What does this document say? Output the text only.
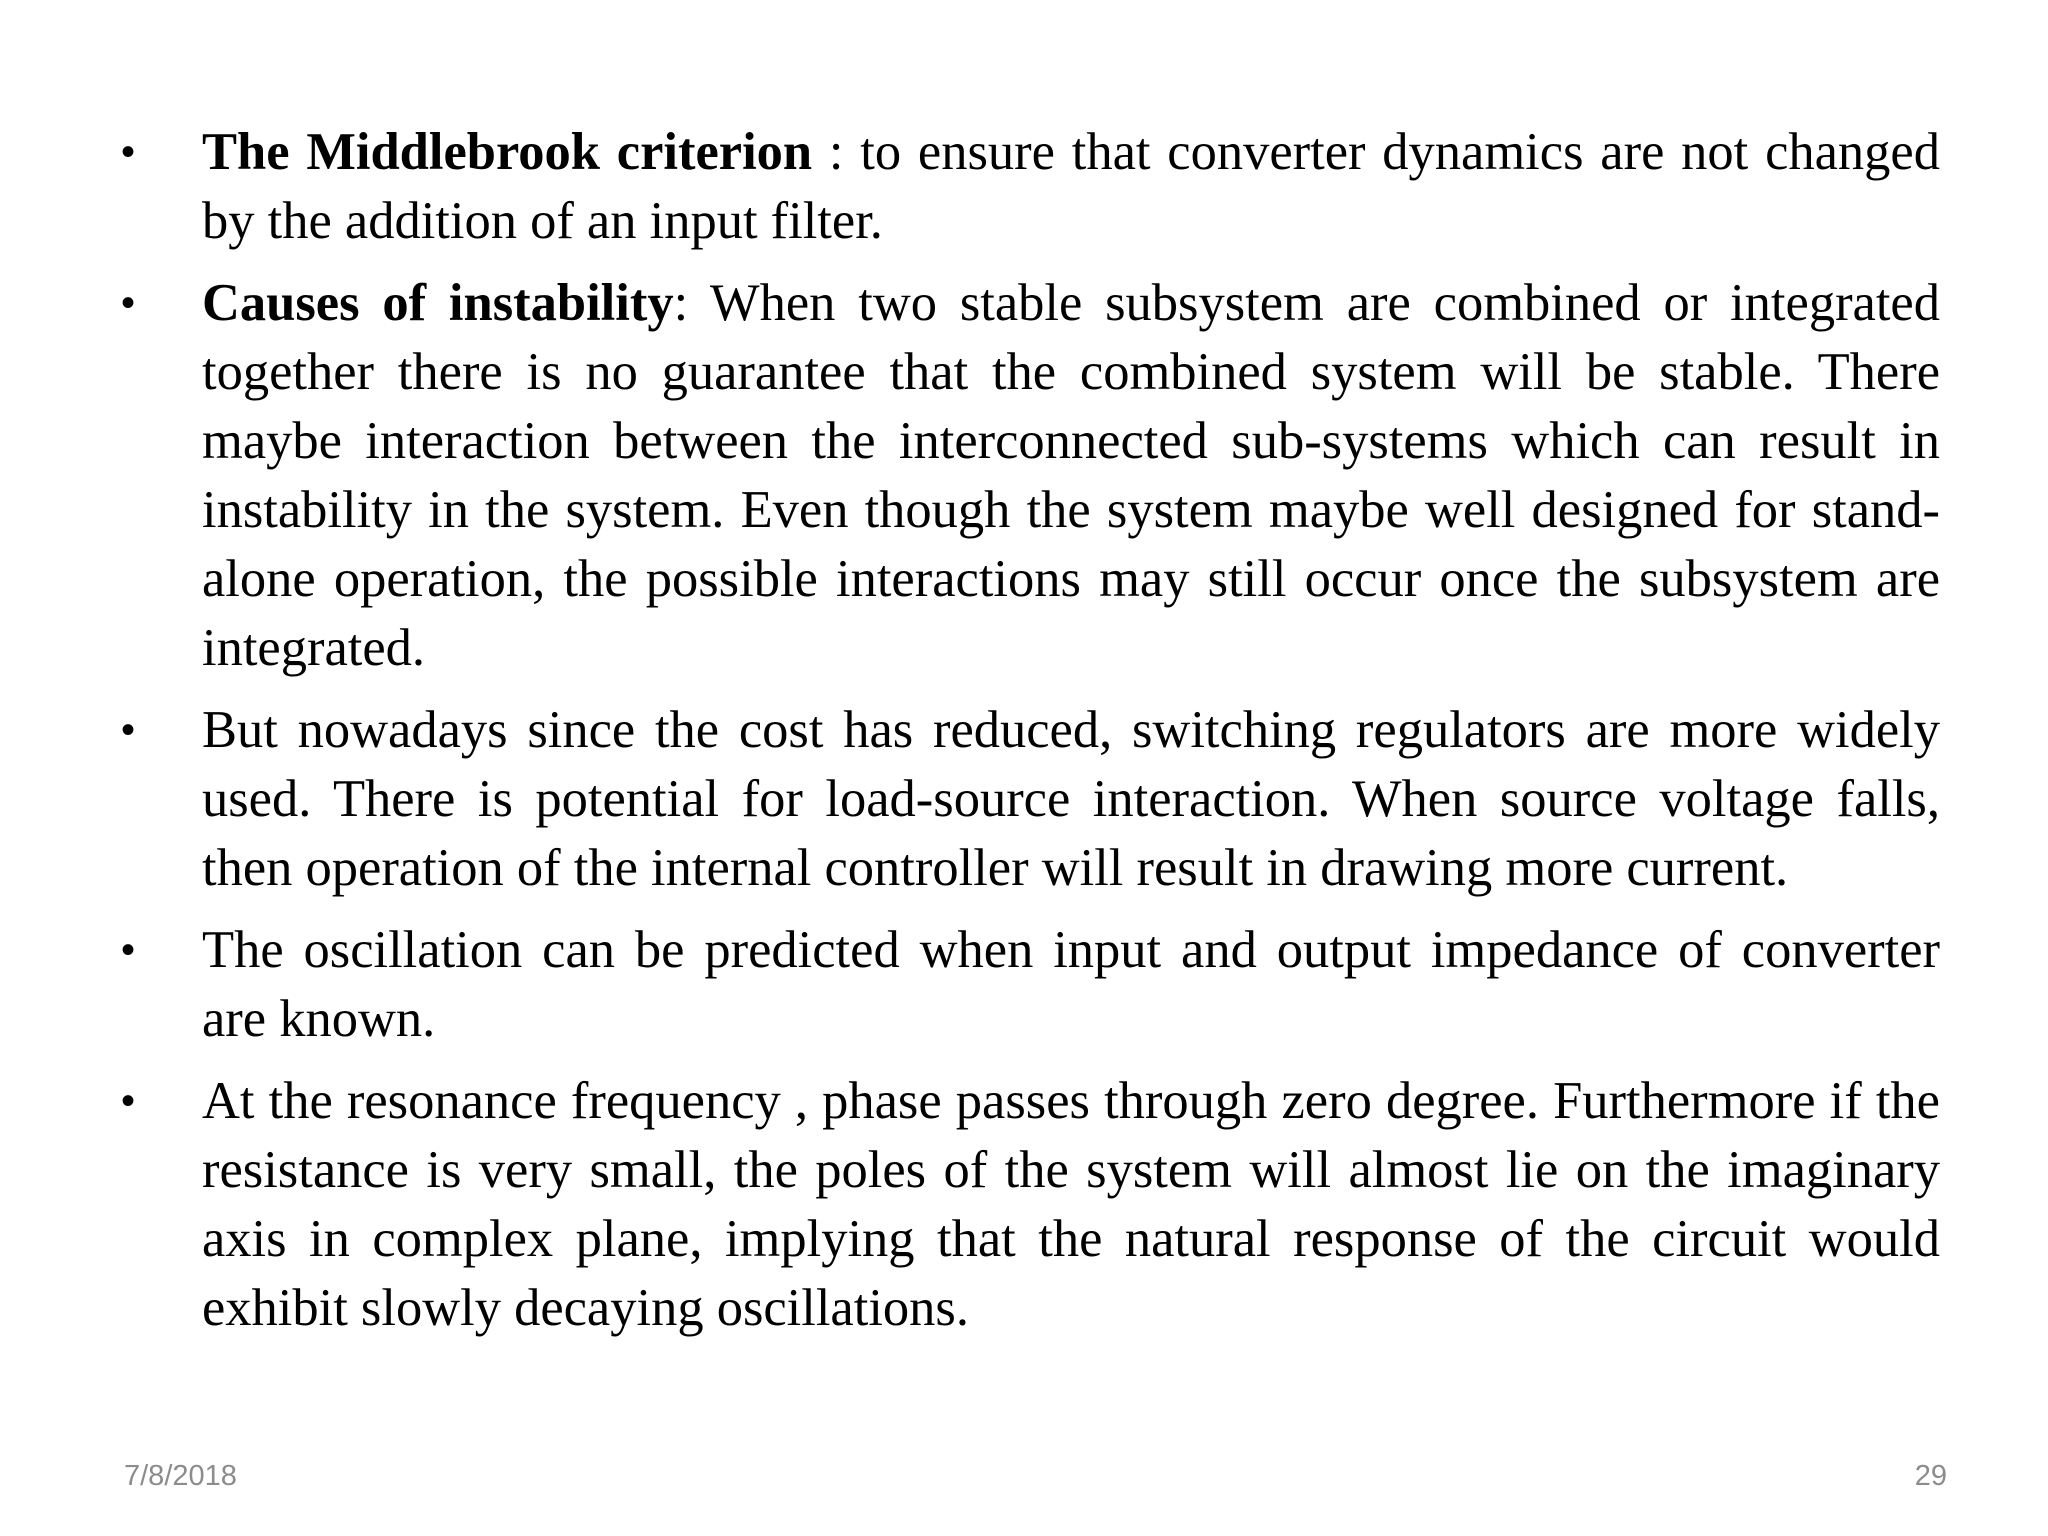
• The Middlebrook criterion : to ensure that converter dynamics are not changed by the addition of an input filter.
• Causes of instability: When two stable subsystem are combined or integrated together there is no guarantee that the combined system will be stable. There maybe interaction between the interconnected sub-systems which can result in instability in the system. Even though the system maybe well designed for stand-alone operation, the possible interactions may still occur once the subsystem are integrated.
• But nowadays since the cost has reduced, switching regulators are more widely used. There is potential for load-source interaction. When source voltage falls, then operation of the internal controller will result in drawing more current.
• The oscillation can be predicted when input and output impedance of converter are known.
• At the resonance frequency , phase passes through zero degree. Furthermore if the resistance is very small, the poles of the system will almost lie on the imaginary axis in complex plane, implying that the natural response of the circuit would exhibit slowly decaying oscillations.
7/8/2018	29
